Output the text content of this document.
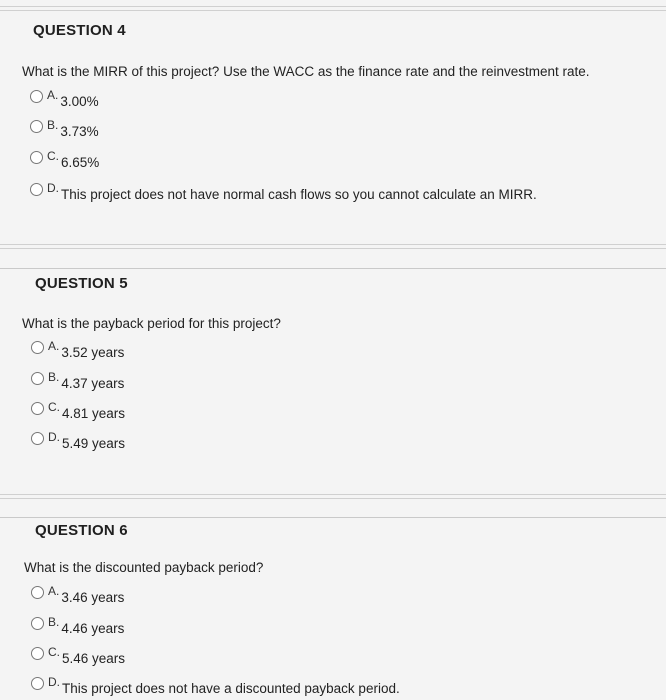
QUESTION 4
What is the MIRR of this project? Use the WACC as the finance rate and the reinvestment rate.
A. 3.00%
B. 3.73%
C. 6.65%
D. This project does not have normal cash flows so you cannot calculate an MIRR.
QUESTION 5
What is the payback period for this project?
A. 3.52 years
B. 4.37 years
C. 4.81 years
D. 5.49 years
QUESTION 6
What is the discounted payback period?
A. 3.46 years
B. 4.46 years
C. 5.46 years
D. This project does not have a discounted payback period.
